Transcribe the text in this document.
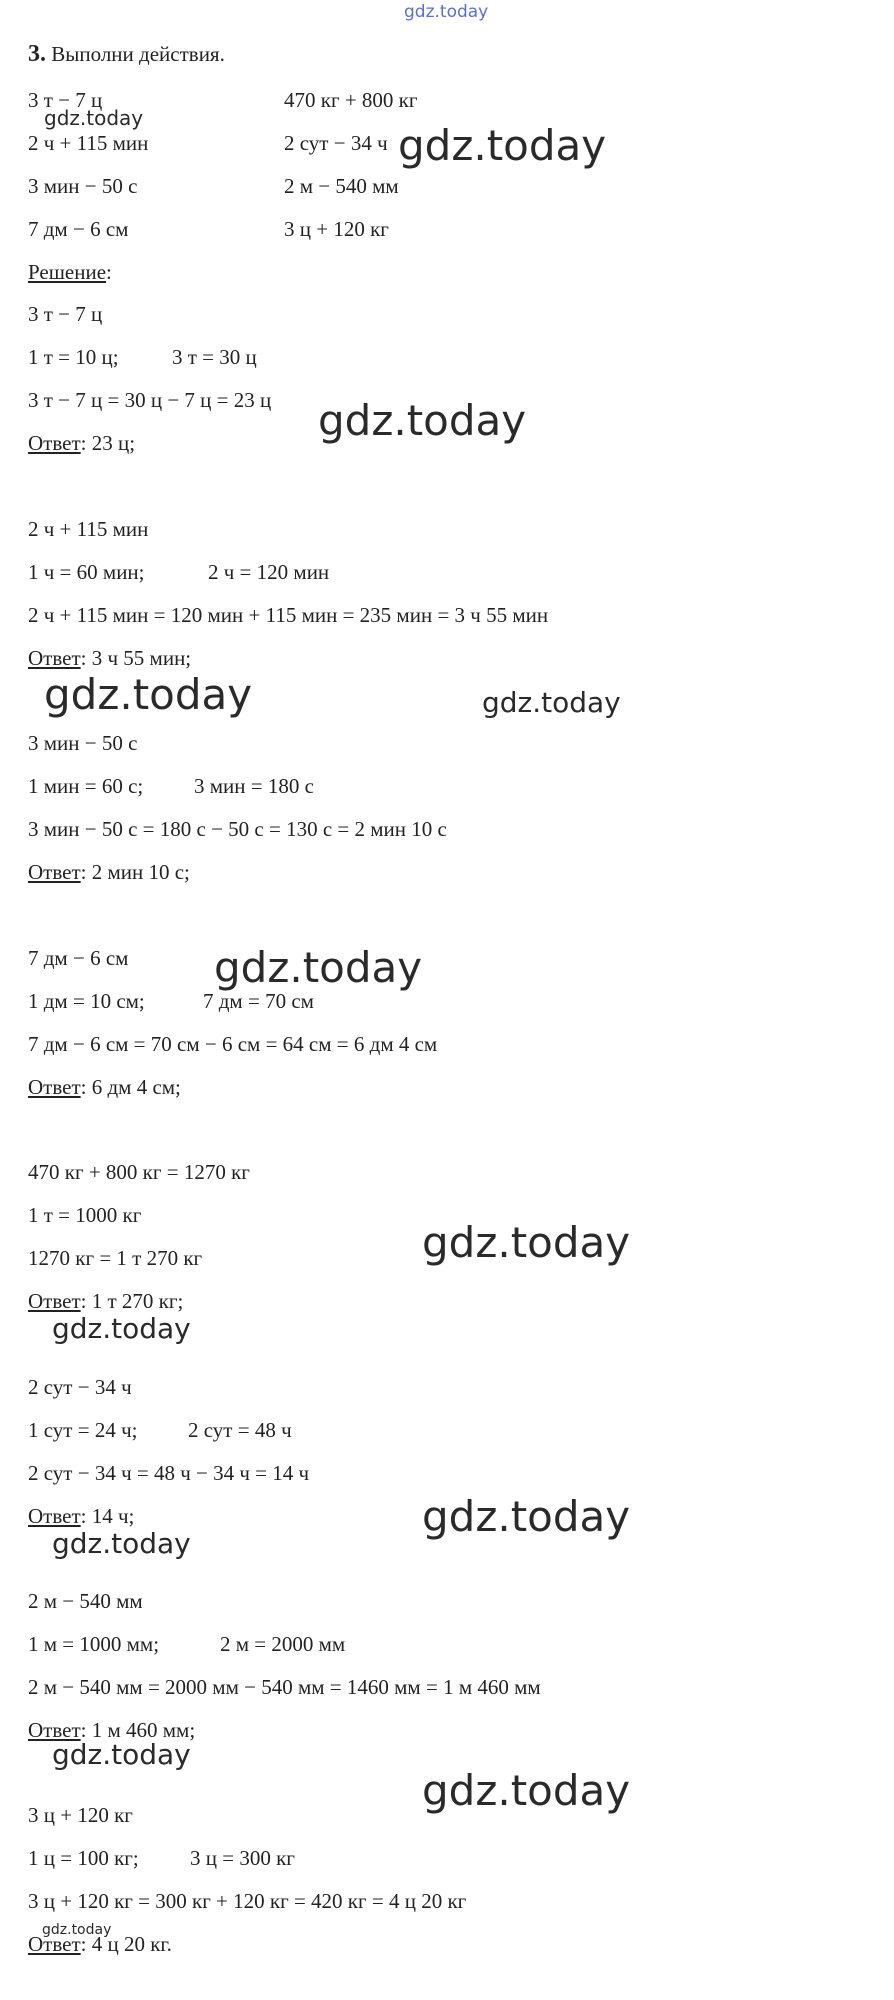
gdz.today
3. Выполни действия.
3 т − 7 ц	470 кг + 800 кг
2 ч + 115 мин	2 сут − 34 ч
3 мин − 50 с	2 м − 540 мм
7 дм − 6 см	3 ц + 120 кг
Решение:
3 т − 7 ц
1 т = 10 ц;	3 т = 30 ц
3 т − 7 ц = 30 ц − 7 ц = 23 ц
Ответ: 23 ц;
2 ч + 115 мин
1 ч = 60 мин;	2 ч = 120 мин
2 ч + 115 мин = 120 мин + 115 мин = 235 мин = 3 ч 55 мин
Ответ: 3 ч 55 мин;
3 мин − 50 с
1 мин = 60 с; 3 мин = 180 с
3 мин − 50 с = 180 с − 50 с = 130 с = 2 мин 10 с
Ответ: 2 мин 10 с;
7 дм − 6 см
1 дм = 10 см;	7 дм = 70 см
7 дм − 6 см = 70 см − 6 см = 64 см = 6 дм 4 см
Ответ: 6 дм 4 см;
470 кг + 800 кг = 1270 кг
1 т = 1000 кг
1270 кг = 1 т 270 кг
Ответ: 1 т 270 кг;
2 сут − 34 ч
1 сут = 24 ч; 2 сут = 48 ч
2 сут − 34 ч = 48 ч − 34 ч = 14 ч
Ответ: 14 ч;
2 м − 540 мм
1 м = 1000 мм;	2 м = 2000 мм
2 м − 540 мм = 2000 мм − 540 мм = 1460 мм = 1 м 460 мм
Ответ: 1 м 460 мм;
3 ц + 120 кг
1 ц = 100 кг; 3 ц = 300 кг
3 ц + 120 кг = 300 кг + 120 кг = 420 кг = 4 ц 20 кг
Ответ: 4 ц 20 кг.
gdz.today
gdz.today
gdz.today
gdz.today	gdz.today
gdz.today
gdz.today
gdz.today
gdz.today
gdz.today
gdz.today
gdz.today
gdz.today
